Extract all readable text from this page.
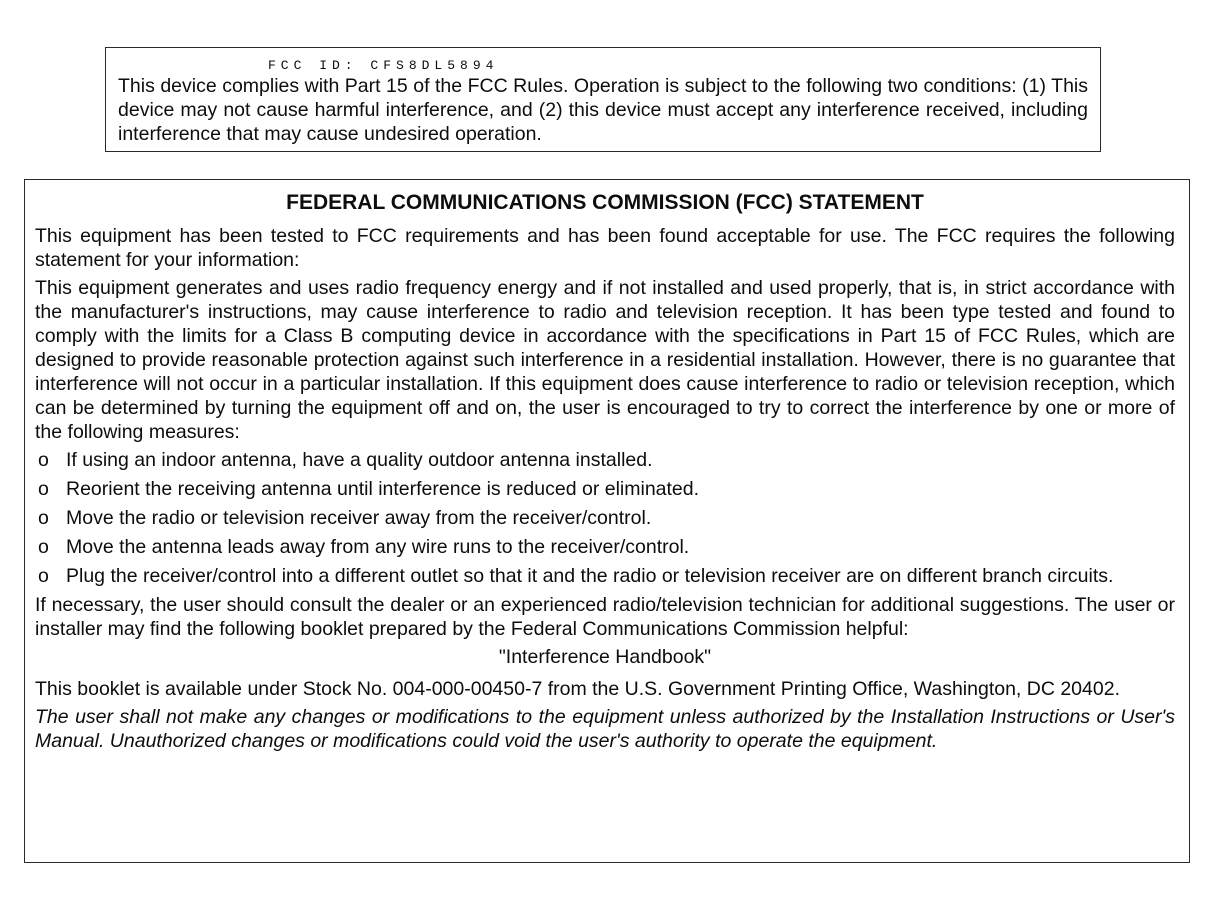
FCC ID: CFS8DL5894

This device complies with Part 15 of the FCC Rules. Operation is subject to the following two conditions: (1) This device may not cause harmful interference, and (2) this device must accept any interference received, including interference that may cause undesired operation.

FEDERAL COMMUNICATIONS COMMISSION (FCC) STATEMENT

This equipment has been tested to FCC requirements and has been found acceptable for use. The FCC requires the following statement for your information:

This equipment generates and uses radio frequency energy and if not installed and used properly, that is, in strict accordance with the manufacturer's instructions, may cause interference to radio and television reception. It has been type tested and found to comply with the limits for a Class B computing device in accordance with the specifications in Part 15 of FCC Rules, which are designed to provide reasonable protection against such interference in a residential installation. However, there is no guarantee that interference will not occur in a particular installation. If this equipment does cause interference to radio or television reception, which can be determined by turning the equipment off and on, the user is encouraged to try to correct the interference by one or more of the following measures:

o If using an indoor antenna, have a quality outdoor antenna installed.
o Reorient the receiving antenna until interference is reduced or eliminated.
o Move the radio or television receiver away from the receiver/control.
o Move the antenna leads away from any wire runs to the receiver/control.
o Plug the receiver/control into a different outlet so that it and the radio or television receiver are on different branch circuits.

If necessary, the user should consult the dealer or an experienced radio/television technician for additional suggestions. The user or installer may find the following booklet prepared by the Federal Communications Commission helpful:

"Interference Handbook"

This booklet is available under Stock No. 004-000-00450-7 from the U.S. Government Printing Office, Washington, DC 20402.

The user shall not make any changes or modifications to the equipment unless authorized by the Installation Instructions or User's Manual. Unauthorized changes or modifications could void the user's authority to operate the equipment.
